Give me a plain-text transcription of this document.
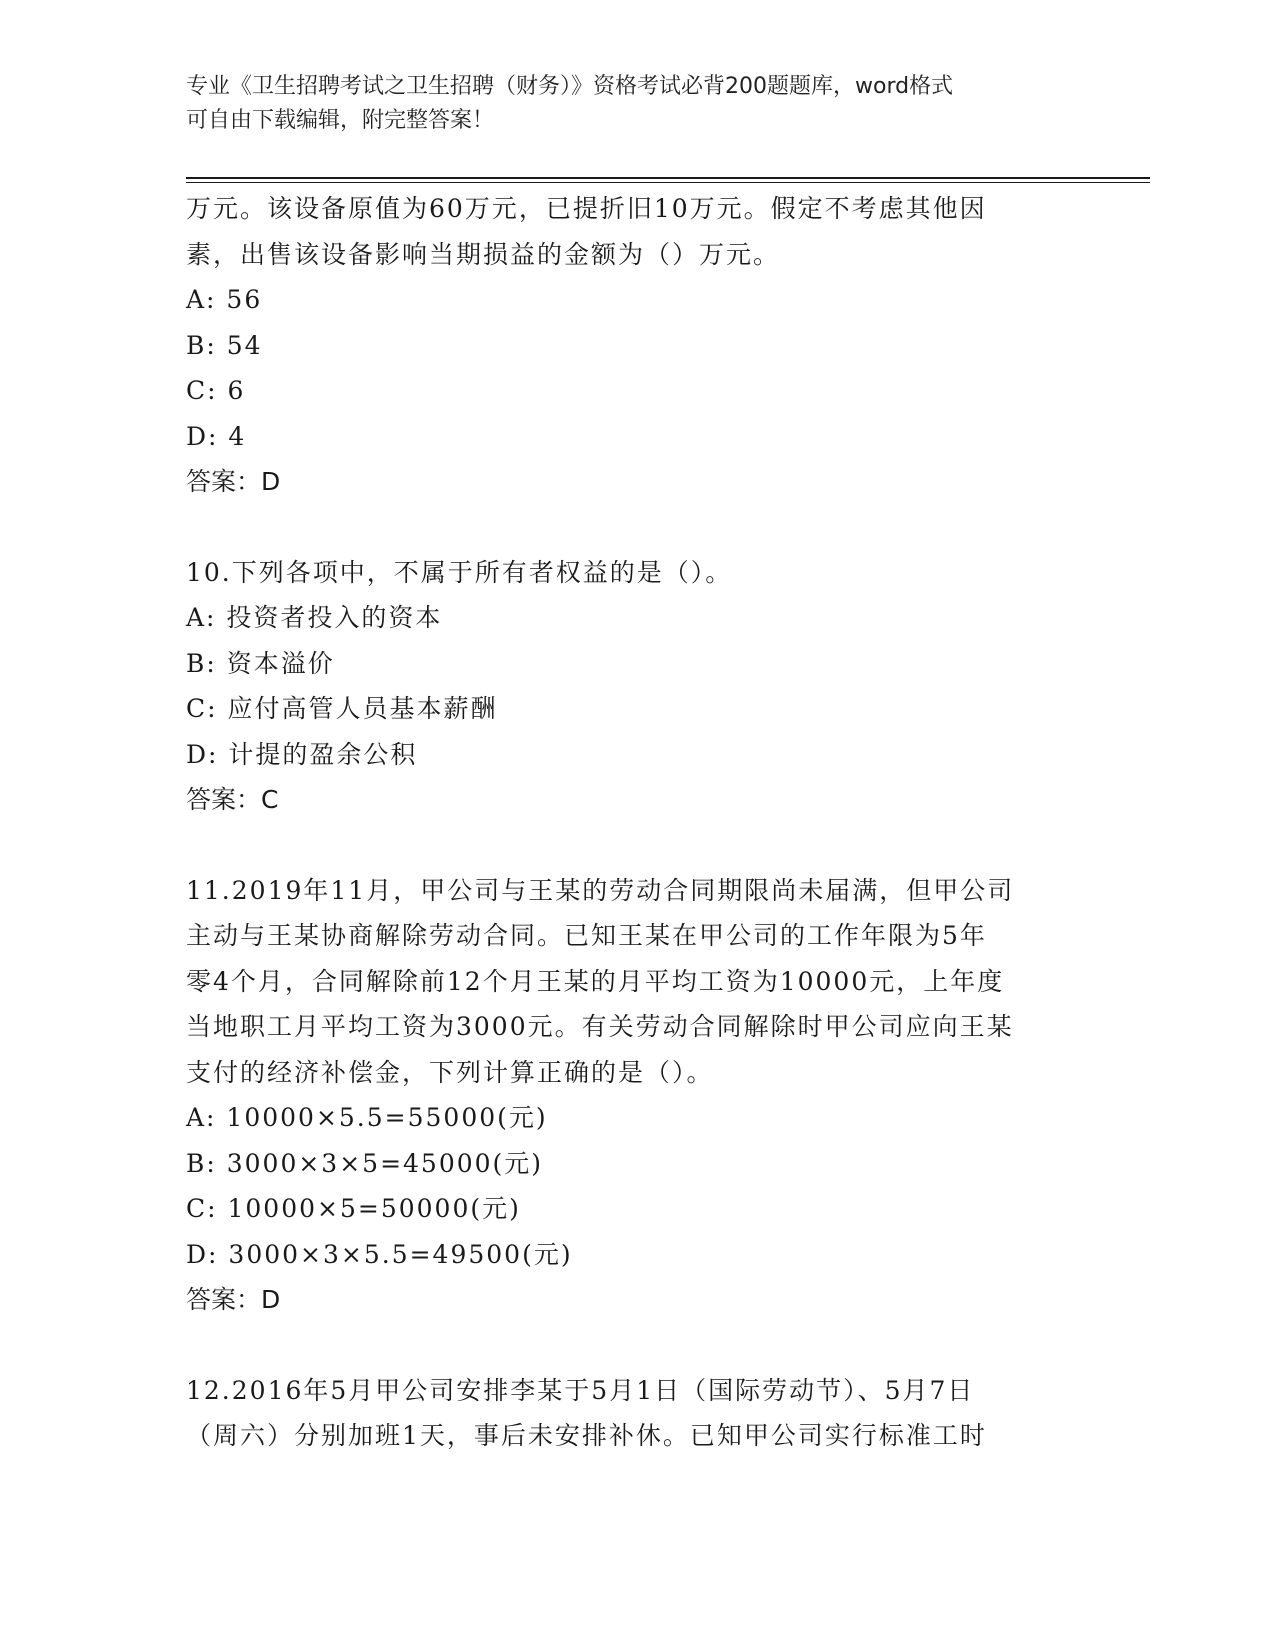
专业《卫生招聘考试之卫生招聘（财务）》资格考试必背200题题库，word格式
可自由下载编辑，附完整答案！
万元。该设备原值为60万元，已提折旧10万元。假定不考虑其他因
素，出售该设备影响当期损益的金额为（）万元。
A: 56
B: 54
C: 6
D: 4
答案：D
10.下列各项中，不属于所有者权益的是（）。
A: 投资者投入的资本
B: 资本溢价
C: 应付高管人员基本薪酬
D: 计提的盈余公积
答案：C
11.2019年11月，甲公司与王某的劳动合同期限尚未届满，但甲公司
主动与王某协商解除劳动合同。已知王某在甲公司的工作年限为5年
零4个月，合同解除前12个月王某的月平均工资为10000元，上年度
当地职工月平均工资为3000元。有关劳动合同解除时甲公司应向王某
支付的经济补偿金，下列计算正确的是（）。
A: 10000×5.5=55000(元)
B: 3000×3×5=45000(元)
C: 10000×5=50000(元)
D: 3000×3×5.5=49500(元)
答案：D
12.2016年5月甲公司安排李某于5月1日（国际劳动节）、5月7日
（周六）分别加班1天，事后未安排补休。已知甲公司实行标准工时
